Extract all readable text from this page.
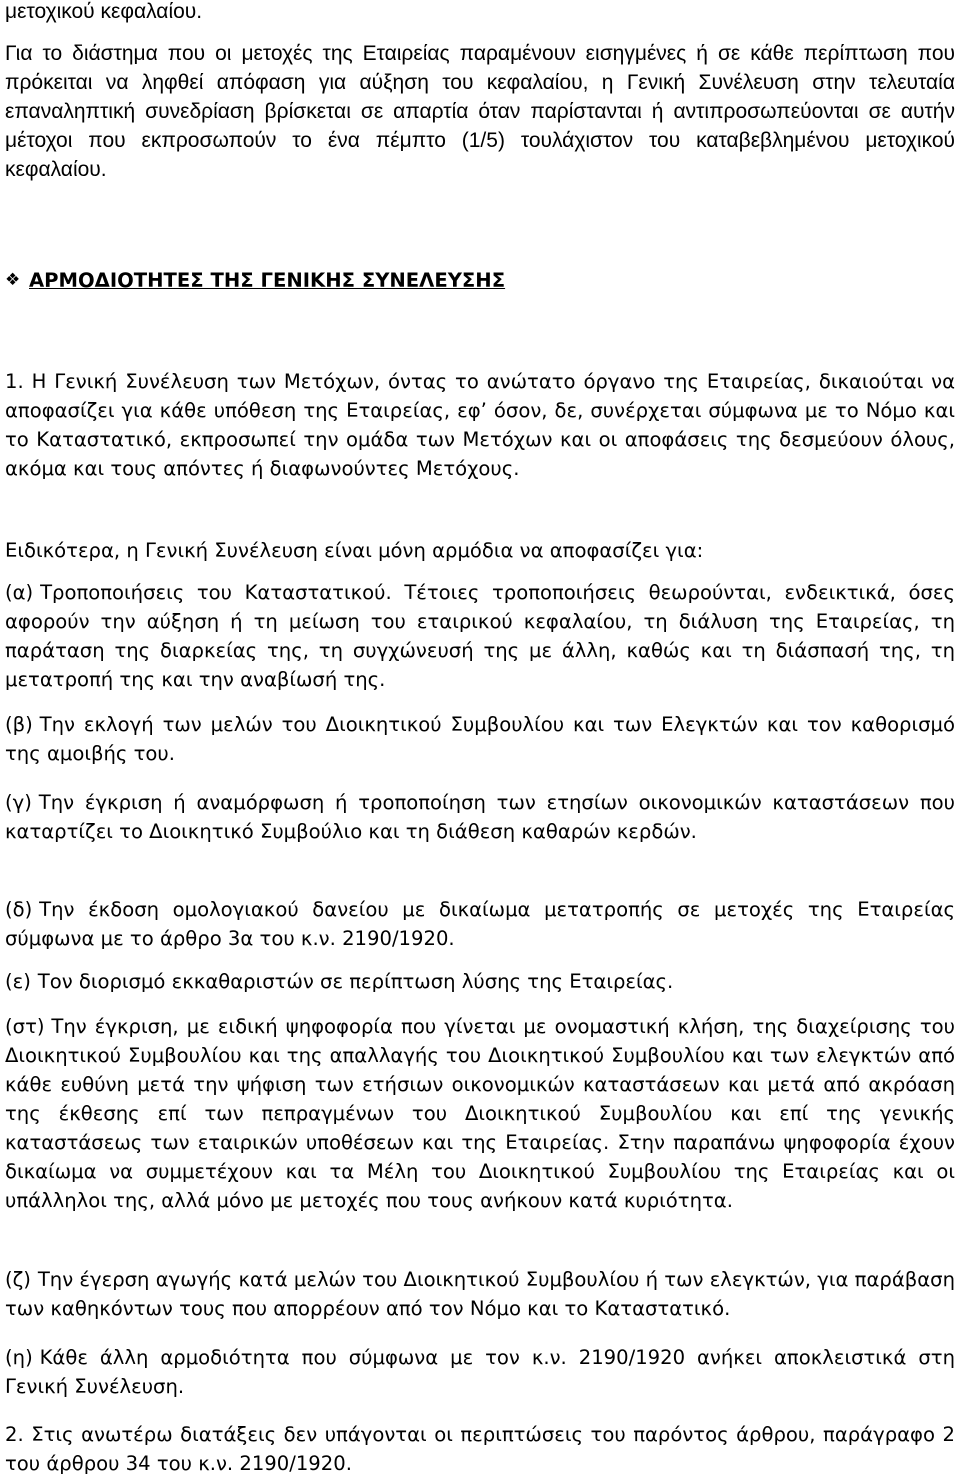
μετοχικού κεφαλαίου.

Για το διάστημα που οι μετοχές της Εταιρείας παραμένουν εισηγμένες ή σε κάθε περίπτωση που πρόκειται να ληφθεί απόφαση για αύξηση του κεφαλαίου, η Γενική Συνέλευση στην τελευταία επαναληπτική συνεδρίαση βρίσκεται σε απαρτία όταν παρίστανται ή αντιπροσωπεύονται σε αυτήν μέτοχοι που εκπροσωπούν το ένα πέμπτο (1/5) τουλάχιστον του καταβεβλημένου μετοχικού κεφαλαίου.

❖ ΑΡΜΟΔΙΟΤΗΤΕΣ ΤΗΣ ΓΕΝΙΚΗΣ ΣΥΝΕΛΕΥΣΗΣ

1. Η Γενική Συνέλευση των Μετόχων, όντας το ανώτατο όργανο της Εταιρείας, δικαιούται να αποφασίζει για κάθε υπόθεση της Εταιρείας, εφ’ όσον, δε, συνέρχεται σύμφωνα με το Νόμο και το Καταστατικό, εκπροσωπεί την ομάδα των Μετόχων και οι αποφάσεις της δεσμεύουν όλους, ακόμα και τους απόντες ή διαφωνούντες Μετόχους.

Ειδικότερα, η Γενική Συνέλευση είναι μόνη αρμόδια να αποφασίζει για:

(α) Τροποποιήσεις του Καταστατικού. Τέτοιες τροποποιήσεις θεωρούνται, ενδεικτικά, όσες αφορούν την αύξηση ή τη μείωση του εταιρικού κεφαλαίου, τη διάλυση της Εταιρείας, τη παράταση της διαρκείας της, τη συγχώνευσή της με άλλη, καθώς και τη διάσπασή της, τη μετατροπή της και την αναβίωσή της.

(β) Την εκλογή των μελών του Διοικητικού Συμβουλίου και των Ελεγκτών και τον καθορισμό της αμοιβής του.

(γ) Την έγκριση ή αναμόρφωση ή τροποποίηση των ετησίων οικονομικών καταστάσεων που καταρτίζει το Διοικητικό Συμβούλιο και τη διάθεση καθαρών κερδών.

(δ) Την έκδοση ομολογιακού δανείου με δικαίωμα μετατροπής σε μετοχές της Εταιρείας σύμφωνα με το άρθρο 3α του κ.ν. 2190/1920.

(ε) Τον διορισμό εκκαθαριστών σε περίπτωση λύσης της Εταιρείας.

(στ) Την έγκριση, με ειδική ψηφοφορία που γίνεται με ονομαστική κλήση, της διαχείρισης του Διοικητικού Συμβουλίου και της απαλλαγής του Διοικητικού Συμβουλίου και των ελεγκτών από κάθε ευθύνη μετά την ψήφιση των ετήσιων οικονομικών καταστάσεων και μετά από ακρόαση της έκθεσης επί των πεπραγμένων του Διοικητικού Συμβουλίου και επί της γενικής καταστάσεως των εταιρικών υποθέσεων και της Εταιρείας. Στην παραπάνω ψηφοφορία έχουν δικαίωμα να συμμετέχουν και τα Μέλη του Διοικητικού Συμβουλίου της Εταιρείας και οι υπάλληλοι της, αλλά μόνο με μετοχές που τους ανήκουν κατά κυριότητα.

(ζ) Την έγερση αγωγής κατά μελών του Διοικητικού Συμβουλίου ή των ελεγκτών, για παράβαση των καθηκόντων τους που απορρέουν από τον Νόμο και το Καταστατικό.

(η) Κάθε άλλη αρμοδιότητα που σύμφωνα με τον κ.ν. 2190/1920 ανήκει αποκλειστικά στη Γενική Συνέλευση.

2. Στις ανωτέρω διατάξεις δεν υπάγονται οι περιπτώσεις του παρόντος άρθρου, παράγραφο 2 του άρθρου 34 του κ.ν. 2190/1920.
